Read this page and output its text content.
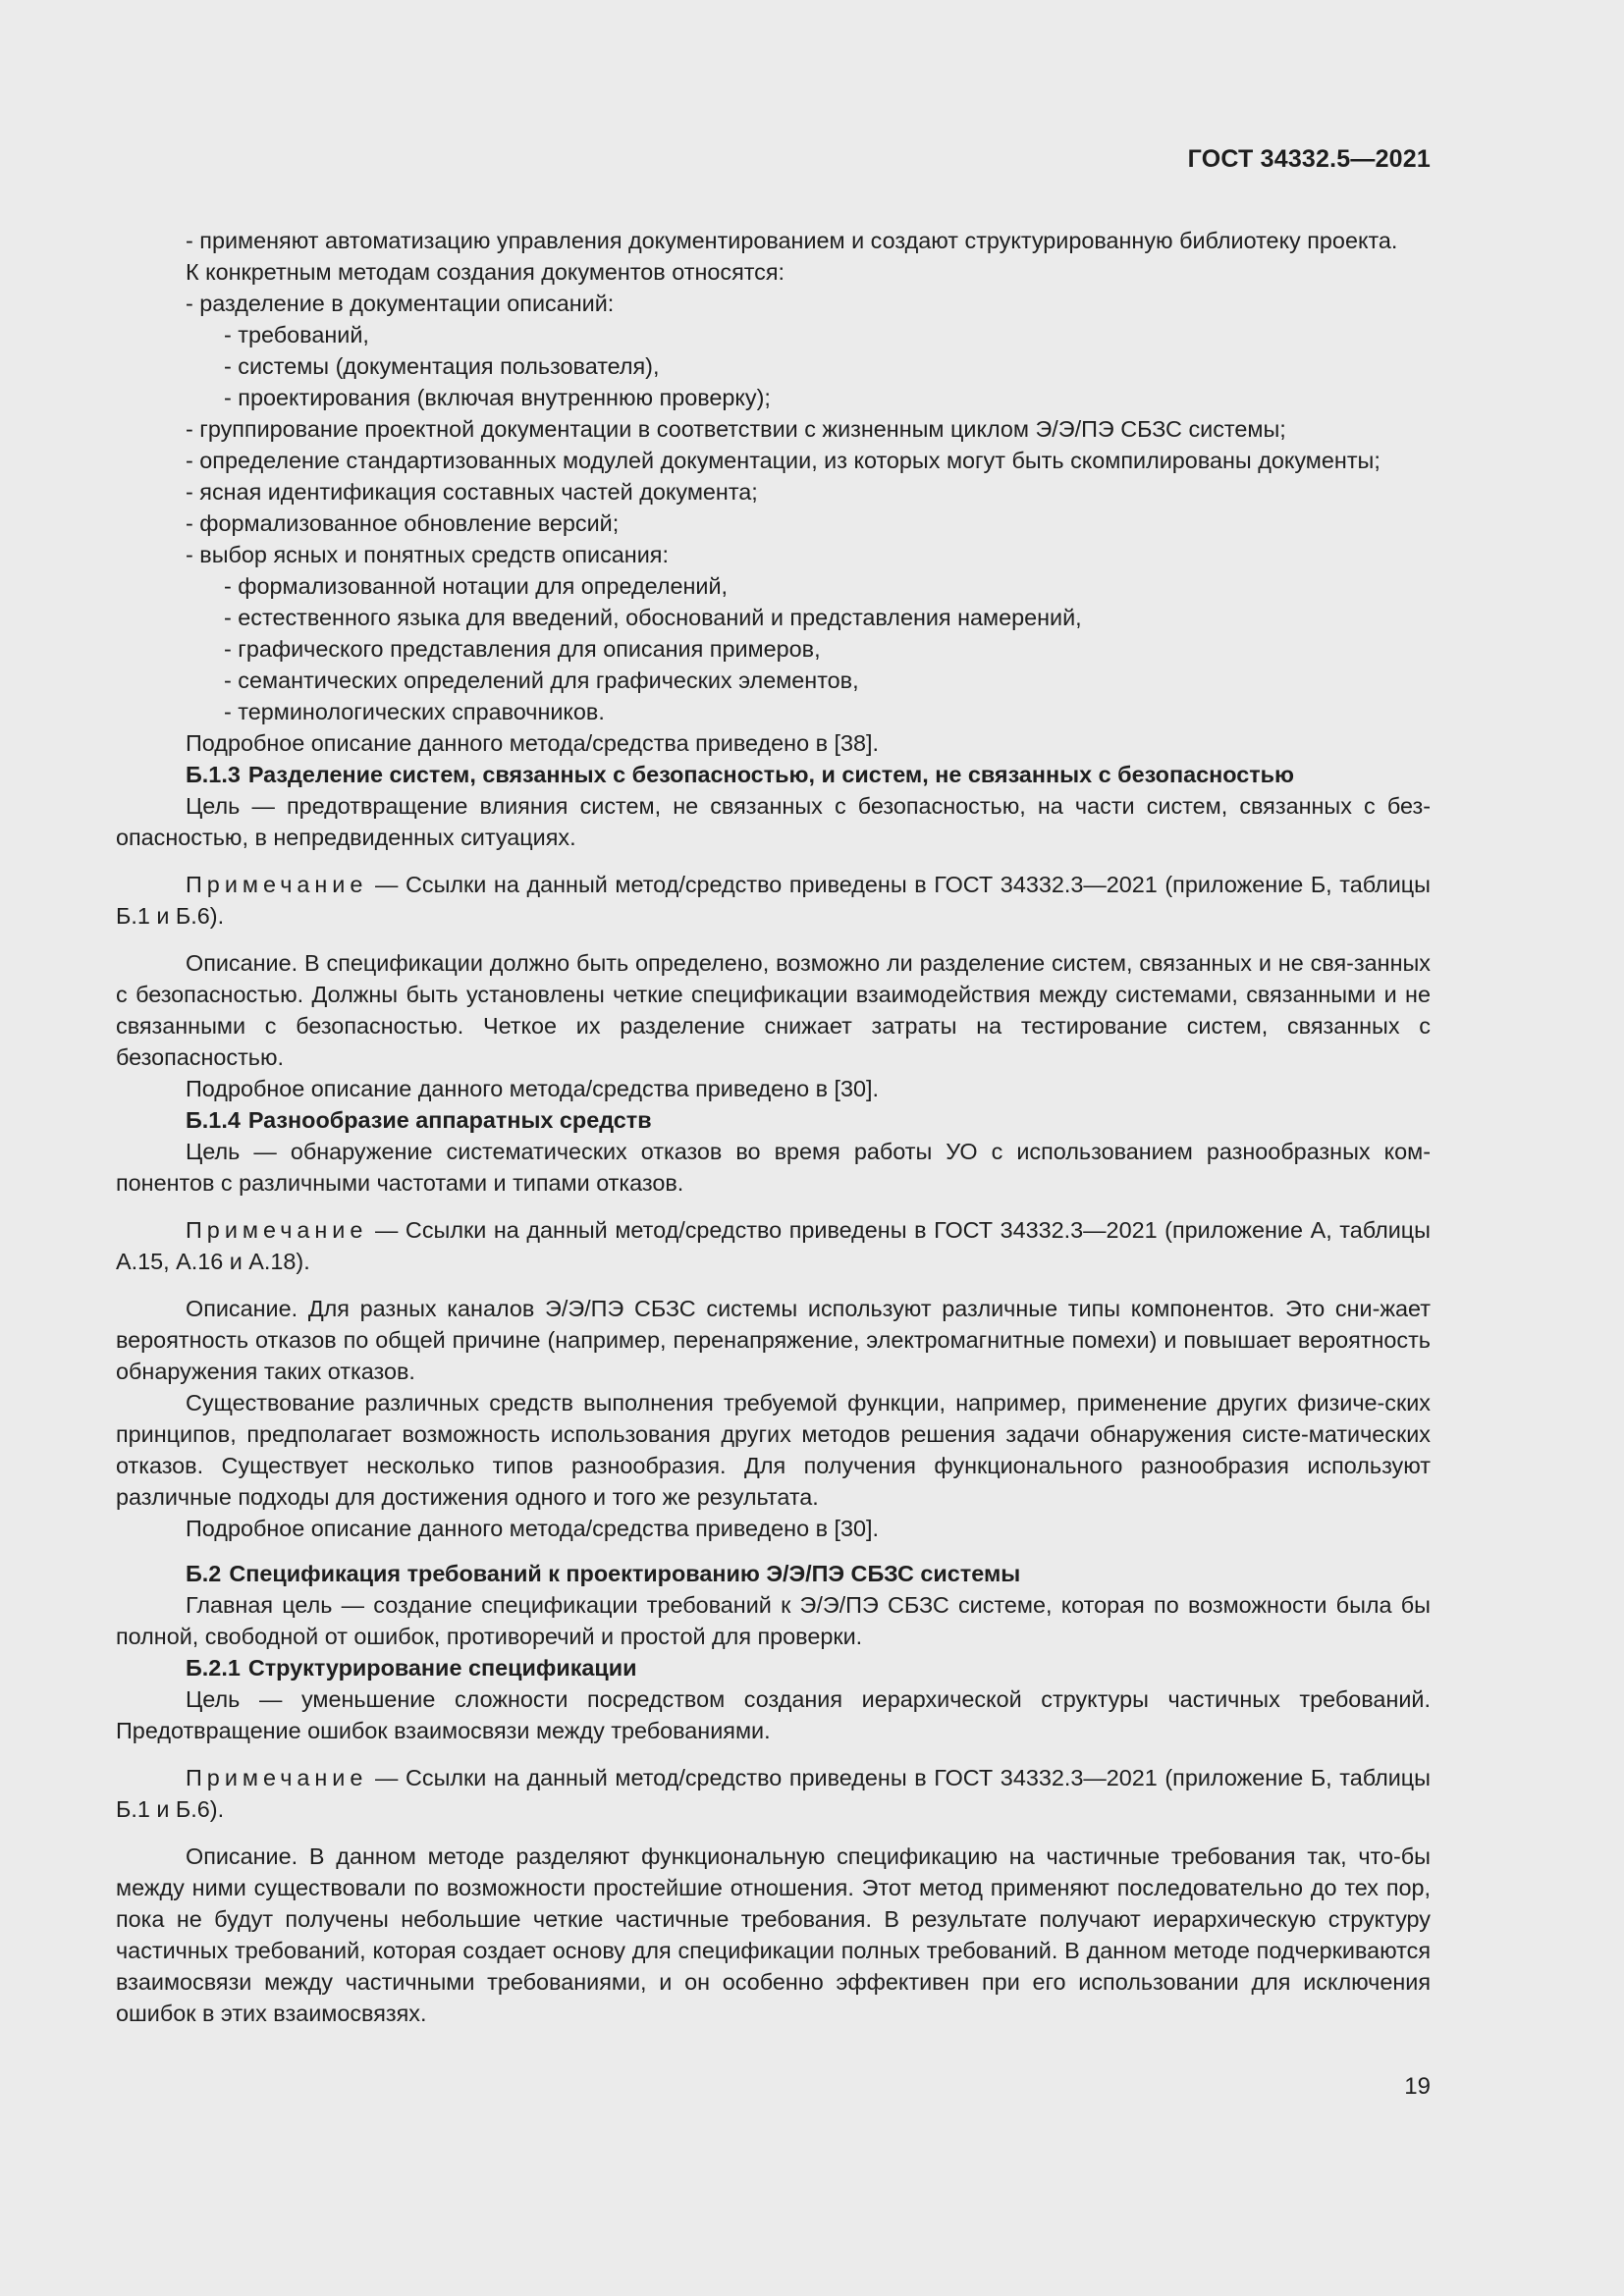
ГОСТ 34332.5—2021

- применяют автоматизацию управления документированием и создают структурированную библиотеку проекта.

К конкретным методам создания документов относятся:

- разделение в документации описаний:

- требований,

- системы (документация пользователя),

- проектирования (включая внутреннюю проверку);

- группирование проектной документации в соответствии с жизненным циклом Э/Э/ПЭ СБЗС системы;

- определение стандартизованных модулей документации, из которых могут быть скомпилированы документы;

- ясная идентификация составных частей документа;

- формализованное обновление версий;

- выбор ясных и понятных средств описания:

- формализованной нотации для определений,

- естественного языка для введений, обоснований и представления намерений,

- графического представления для описания примеров,

- семантических определений для графических элементов,

- терминологических справочников.

Подробное описание данного метода/средства приведено в [38].

Б.1.3 Разделение систем, связанных с безопасностью, и систем, не связанных с безопасностью

Цель — предотвращение влияния систем, не связанных с безопасностью, на части систем, связанных с без-опасностью, в непредвиденных ситуациях.

Примечание — Ссылки на данный метод/средство приведены в ГОСТ 34332.3—2021 (приложение Б, таблицы Б.1 и Б.6).

Описание. В спецификации должно быть определено, возможно ли разделение систем, связанных и не свя-занных с безопасностью. Должны быть установлены четкие спецификации взаимодействия между системами, связанными и не связанными с безопасностью. Четкое их разделение снижает затраты на тестирование систем, связанных с безопасностью.

Подробное описание данного метода/средства приведено в [30].

Б.1.4 Разнообразие аппаратных средств

Цель — обнаружение систематических отказов во время работы УО с использованием разнообразных ком-понентов с различными частотами и типами отказов.

Примечание — Ссылки на данный метод/средство приведены в ГОСТ 34332.3—2021 (приложение А, таблицы А.15, А.16 и А.18).

Описание. Для разных каналов Э/Э/ПЭ СБЗС системы используют различные типы компонентов. Это сни-жает вероятность отказов по общей причине (например, перенапряжение, электромагнитные помехи) и повышает вероятность обнаружения таких отказов.

Существование различных средств выполнения требуемой функции, например, применение других физиче-ских принципов, предполагает возможность использования других методов решения задачи обнаружения систе-матических отказов. Существует несколько типов разнообразия. Для получения функционального разнообразия используют различные подходы для достижения одного и того же результата.

Подробное описание данного метода/средства приведено в [30].

Б.2 Спецификация требований к проектированию Э/Э/ПЭ СБЗС системы

Главная цель — создание спецификации требований к Э/Э/ПЭ СБЗС системе, которая по возможности была бы полной, свободной от ошибок, противоречий и простой для проверки.

Б.2.1 Структурирование спецификации

Цель — уменьшение сложности посредством создания иерархической структуры частичных требований. Предотвращение ошибок взаимосвязи между требованиями.

Примечание — Ссылки на данный метод/средство приведены в ГОСТ 34332.3—2021 (приложение Б, таблицы Б.1 и Б.6).

Описание. В данном методе разделяют функциональную спецификацию на частичные требования так, что-бы между ними существовали по возможности простейшие отношения. Этот метод применяют последовательно до тех пор, пока не будут получены небольшие четкие частичные требования. В результате получают иерархическую структуру частичных требований, которая создает основу для спецификации полных требований. В данном методе подчеркиваются взаимосвязи между частичными требованиями, и он особенно эффективен при его использовании для исключения ошибок в этих взаимосвязях.

19
